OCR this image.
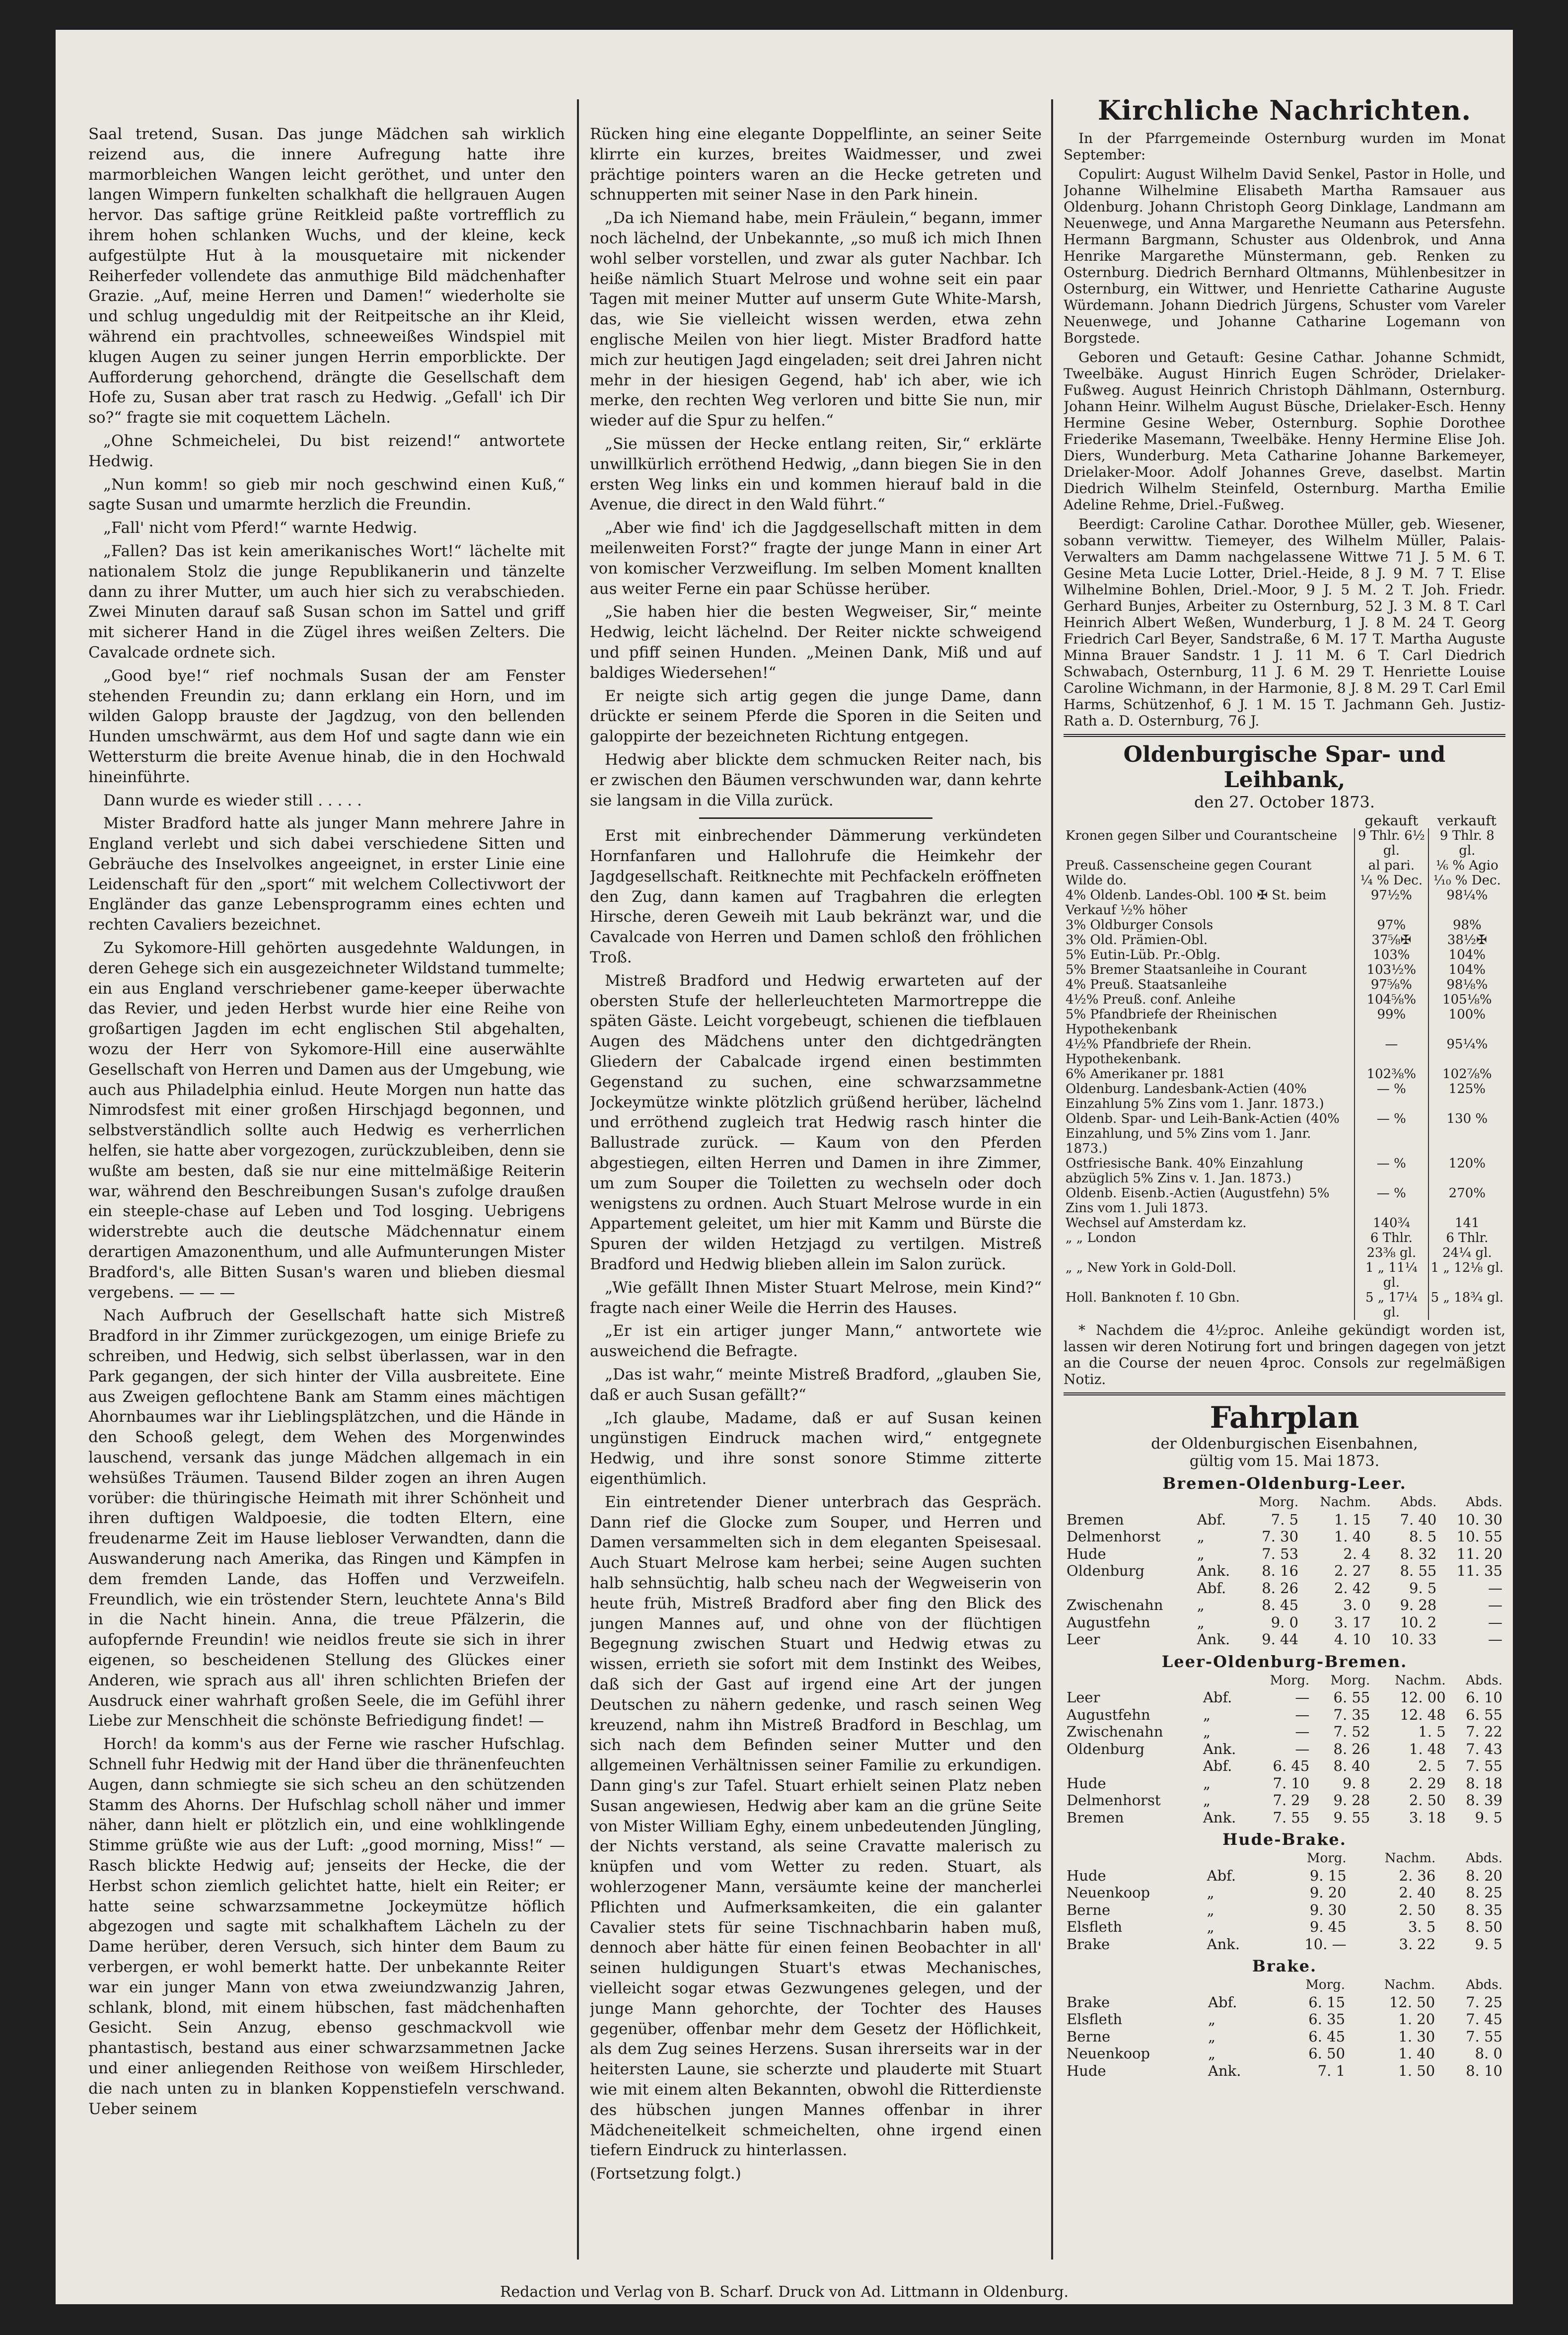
Saal tretend, Susan. Das junge Mädchen sah wirklich reizend aus, die innere Aufregung hatte ihre marmorbleichen Wangen leicht geröthet, und unter den langen Wimpern funkelten schalkhaft die hellgrauen Augen hervor. Das saftige grüne Reitkleid paßte vortrefflich zu ihrem hohen schlanken Wuchs, und der kleine, keck aufgestülpte Hut à la mousquetaire mit nickender Reiherfeder vollendete das anmuthige Bild mädchenhafter Grazie. „Auf, meine Herren und Damen!“ wiederholte sie und schlug ungeduldig mit der Reitpeitsche an ihr Kleid, während ein prachtvolles, schneeweißes Windspiel mit klugen Augen zu seiner jungen Herrin emporblickte. Der Aufforderung gehorchend, drängte die Gesellschaft dem Hofe zu, Susan aber trat rasch zu Hedwig. „Gefall' ich Dir so?“ fragte sie mit coquettem Lächeln.

„Ohne Schmeichelei, Du bist reizend!“ antwortete Hedwig.

„Nun komm! so gieb mir noch geschwind einen Kuß,“ sagte Susan und umarmte herzlich die Freundin.

„Fall' nicht vom Pferd!“ warnte Hedwig.

„Fallen? Das ist kein amerikanisches Wort!“ lächelte mit nationalem Stolz die junge Republikanerin und tänzelte dann zu ihrer Mutter, um auch hier sich zu verabschieden. Zwei Minuten darauf saß Susan schon im Sattel und griff mit sicherer Hand in die Zügel ihres weißen Zelters. Die Cavalcade ordnete sich.

„Good bye!“ rief nochmals Susan der am Fenster stehenden Freundin zu; dann erklang ein Horn, und im wilden Galopp brauste der Jagdzug, von den bellenden Hunden umschwärmt, aus dem Hof und sagte dann wie ein Wettersturm die breite Avenue hinab, die in den Hochwald hineinführte.

Dann wurde es wieder still . . . . .

Mister Bradford hatte als junger Mann mehrere Jahre in England verlebt und sich dabei verschiedene Sitten und Gebräuche des Inselvolkes angeeignet, in erster Linie eine Leidenschaft für den „sport“ mit welchem Collectivwort der Engländer das ganze Lebensprogramm eines echten und rechten Cavaliers bezeichnet.

Zu Sykomore-Hill gehörten ausgedehnte Waldungen, in deren Gehege sich ein ausgezeichneter Wildstand tummelte; ein aus England verschriebener game-keeper überwachte das Revier, und jeden Herbst wurde hier eine Reihe von großartigen Jagden im echt englischen Stil abgehalten, wozu der Herr von Sykomore-Hill eine auserwählte Gesellschaft von Herren und Damen aus der Umgebung, wie auch aus Philadelphia einlud. Heute Morgen nun hatte das Nimrodsfest mit einer großen Hirschjagd begonnen, und selbstverständlich sollte auch Hedwig es verherrlichen helfen, sie hatte aber vorgezogen, zurückzubleiben, denn sie wußte am besten, daß sie nur eine mittelmäßige Reiterin war, während den Beschreibungen Susan's zufolge draußen ein steeple-chase auf Leben und Tod losging. Uebrigens widerstrebte auch die deutsche Mädchennatur einem derartigen Amazonenthum, und alle Aufmunterungen Mister Bradford's, alle Bitten Susan's waren und blieben diesmal vergebens. — — —

Nach Aufbruch der Gesellschaft hatte sich Mistreß Bradford in ihr Zimmer zurückgezogen, um einige Briefe zu schreiben, und Hedwig, sich selbst überlassen, war in den Park gegangen, der sich hinter der Villa ausbreitete. Eine aus Zweigen geflochtene Bank am Stamm eines mächtigen Ahornbaumes war ihr Lieblingsplätzchen, und die Hände in den Schooß gelegt, dem Wehen des Morgenwindes lauschend, versank das junge Mädchen allgemach in ein wehsüßes Träumen. Tausend Bilder zogen an ihren Augen vorüber: die thüringische Heimath mit ihrer Schönheit und ihren duftigen Waldpoesie, die todten Eltern, eine freudenarme Zeit im Hause liebloser Verwandten, dann die Auswanderung nach Amerika, das Ringen und Kämpfen in dem fremden Lande, das Hoffen und Verzweifeln. Freundlich, wie ein tröstender Stern, leuchtete Anna's Bild in die Nacht hinein. Anna, die treue Pfälzerin, die aufopfernde Freundin! wie neidlos freute sie sich in ihrer eigenen, so bescheidenen Stellung des Glückes einer Anderen, wie sprach aus all' ihren schlichten Briefen der Ausdruck einer wahrhaft großen Seele, die im Gefühl ihrer Liebe zur Menschheit die schönste Befriedigung findet! —

Horch! da komm's aus der Ferne wie rascher Hufschlag. Schnell fuhr Hedwig mit der Hand über die thränenfeuchten Augen, dann schmiegte sie sich scheu an den schützenden Stamm des Ahorns. Der Hufschlag scholl näher und immer näher, dann hielt er plötzlich ein, und eine wohlklingende Stimme grüßte wie aus der Luft: „good morning, Miss!“ — Rasch blickte Hedwig auf; jenseits der Hecke, die der Herbst schon ziemlich gelichtet hatte, hielt ein Reiter; er hatte seine schwarzsammetne Jockeymütze höflich abgezogen und sagte mit schalkhaftem Lächeln zu der Dame herüber, deren Versuch, sich hinter dem Baum zu verbergen, er wohl bemerkt hatte. Der unbekannte Reiter war ein junger Mann von etwa zweiundzwanzig Jahren, schlank, blond, mit einem hübschen, fast mädchenhaften Gesicht. Sein Anzug, ebenso geschmackvoll wie phantastisch, bestand aus einer schwarzsammetnen Jacke und einer anliegenden Reithose von weißem Hirschleder, die nach unten zu in blanken Koppenstiefeln verschwand. Ueber seinem

Rücken hing eine elegante Doppelflinte, an seiner Seite klirrte ein kurzes, breites Waidmesser, und zwei prächtige pointers waren an die Hecke getreten und schnupperten mit seiner Nase in den Park hinein.

„Da ich Niemand habe, mein Fräulein,“ begann, immer noch lächelnd, der Unbekannte, „so muß ich mich Ihnen wohl selber vorstellen, und zwar als guter Nachbar. Ich heiße nämlich Stuart Melrose und wohne seit ein paar Tagen mit meiner Mutter auf unserm Gute White-Marsh, das, wie Sie vielleicht wissen werden, etwa zehn englische Meilen von hier liegt. Mister Bradford hatte mich zur heutigen Jagd eingeladen; seit drei Jahren nicht mehr in der hiesigen Gegend, hab' ich aber, wie ich merke, den rechten Weg verloren und bitte Sie nun, mir wieder auf die Spur zu helfen.“

„Sie müssen der Hecke entlang reiten, Sir,“ erklärte unwillkürlich erröthend Hedwig, „dann biegen Sie in den ersten Weg links ein und kommen hierauf bald in die Avenue, die direct in den Wald führt.“

„Aber wie find' ich die Jagdgesellschaft mitten in dem meilenweiten Forst?“ fragte der junge Mann in einer Art von komischer Verzweiflung. Im selben Moment knallten aus weiter Ferne ein paar Schüsse herüber.

„Sie haben hier die besten Wegweiser, Sir,“ meinte Hedwig, leicht lächelnd. Der Reiter nickte schweigend und pfiff seinen Hunden. „Meinen Dank, Miß und auf baldiges Wiedersehen!“

Er neigte sich artig gegen die junge Dame, dann drückte er seinem Pferde die Sporen in die Seiten und galoppirte der bezeichneten Richtung entgegen.

Hedwig aber blickte dem schmucken Reiter nach, bis er zwischen den Bäumen verschwunden war, dann kehrte sie langsam in die Villa zurück.

Erst mit einbrechender Dämmerung verkündeten Hornfanfaren und Hallohrufe die Heimkehr der Jagdgesellschaft. Reitknechte mit Pechfackeln eröffneten den Zug, dann kamen auf Tragbahren die erlegten Hirsche, deren Geweih mit Laub bekränzt war, und die Cavalcade von Herren und Damen schloß den fröhlichen Troß.

Mistreß Bradford und Hedwig erwarteten auf der obersten Stufe der hellerleuchteten Marmortreppe die späten Gäste. Leicht vorgebeugt, schienen die tiefblauen Augen des Mädchens unter den dichtgedrängten Gliedern der Cabalcade irgend einen bestimmten Gegenstand zu suchen, eine schwarzsammetne Jockeymütze winkte plötzlich grüßend herüber, lächelnd und erröthend zugleich trat Hedwig rasch hinter die Ballustrade zurück. — Kaum von den Pferden abgestiegen, eilten Herren und Damen in ihre Zimmer, um zum Souper die Toiletten zu wechseln oder doch wenigstens zu ordnen. Auch Stuart Melrose wurde in ein Appartement geleitet, um hier mit Kamm und Bürste die Spuren der wilden Hetzjagd zu vertilgen. Mistreß Bradford und Hedwig blieben allein im Salon zurück.

„Wie gefällt Ihnen Mister Stuart Melrose, mein Kind?“ fragte nach einer Weile die Herrin des Hauses.

„Er ist ein artiger junger Mann,“ antwortete wie ausweichend die Befragte.

„Das ist wahr,“ meinte Mistreß Bradford, „glauben Sie, daß er auch Susan gefällt?“

„Ich glaube, Madame, daß er auf Susan keinen ungünstigen Eindruck machen wird,“ entgegnete Hedwig, und ihre sonst sonore Stimme zitterte eigenthümlich.

Ein eintretender Diener unterbrach das Gespräch. Dann rief die Glocke zum Souper, und Herren und Damen versammelten sich in dem eleganten Speisesaal. Auch Stuart Melrose kam herbei; seine Augen suchten halb sehnsüchtig, halb scheu nach der Wegweiserin von heute früh, Mistreß Bradford aber fing den Blick des jungen Mannes auf, und ohne von der flüchtigen Begegnung zwischen Stuart und Hedwig etwas zu wissen, errieth sie sofort mit dem Instinkt des Weibes, daß sich der Gast auf irgend eine Art der jungen Deutschen zu nähern gedenke, und rasch seinen Weg kreuzend, nahm ihn Mistreß Bradford in Beschlag, um sich nach dem Befinden seiner Mutter und den allgemeinen Verhältnissen seiner Familie zu erkundigen. Dann ging's zur Tafel. Stuart erhielt seinen Platz neben Susan angewiesen, Hedwig aber kam an die grüne Seite von Mister William Eghy, einem unbedeutenden Jüngling, der Nichts verstand, als seine Cravatte malerisch zu knüpfen und vom Wetter zu reden. Stuart, als wohlerzogener Mann, versäumte keine der mancherlei Pflichten und Aufmerksamkeiten, die ein galanter Cavalier stets für seine Tischnachbarin haben muß, dennoch aber hätte für einen feinen Beobachter in all' seinen huldigungen Stuart's etwas Mechanisches, vielleicht sogar etwas Gezwungenes gelegen, und der junge Mann gehorchte, der Tochter des Hauses gegenüber, offenbar mehr dem Gesetz der Höflichkeit, als dem Zug seines Herzens. Susan ihrerseits war in der heitersten Laune, sie scherzte und plauderte mit Stuart wie mit einem alten Bekannten, obwohl die Ritterdienste des hübschen jungen Mannes offenbar in ihrer Mädcheneitelkeit schmeichelten, ohne irgend einen tiefern Eindruck zu hinterlassen.

(Fortsetzung folgt.)

Kirchliche Nachrichten.

In der Pfarrgemeinde Osternburg wurden im Monat September:

Copulirt: August Wilhelm David Senkel, Pastor in Holle, und Johanne Wilhelmine Elisabeth Martha Ramsauer aus Oldenburg. Johann Christoph Georg Dinklage, Landmann am Neuenwege, und Anna Margarethe Neumann aus Petersfehn. Hermann Bargmann, Schuster aus Oldenbrok, und Anna Henrike Margarethe Münstermann, geb. Renken zu Osternburg. Diedrich Bernhard Oltmanns, Mühlenbesitzer in Osternburg, ein Wittwer, und Henriette Catharine Auguste Würdemann. Johann Diedrich Jürgens, Schuster vom Vareler Neuenwege, und Johanne Catharine Logemann von Borgstede.

Geboren und Getauft: Gesine Cathar. Johanne Schmidt, Tweelbäke. August Hinrich Eugen Schröder, Drielaker-Fußweg. August Heinrich Christoph Dählmann, Osternburg. Johann Heinr. Wilhelm August Büsche, Drielaker-Esch. Henny Hermine Gesine Weber, Osternburg. Sophie Dorothee Friederike Masemann, Tweelbäke. Henny Hermine Elise Joh. Diers, Wunderburg. Meta Catharine Johanne Barkemeyer, Drielaker-Moor. Adolf Johannes Greve, daselbst. Martin Diedrich Wilhelm Steinfeld, Osternburg. Martha Emilie Adeline Rehme, Driel.-Fußweg.

Beerdigt: Caroline Cathar. Dorothee Müller, geb. Wiesener, sobann verwittw. Tiemeyer, des Wilhelm Müller, Palais-Verwalters am Damm nachgelassene Wittwe 71 J. 5 M. 6 T. Gesine Meta Lucie Lotter, Driel.-Heide, 8 J. 9 M. 7 T. Elise Wilhelmine Bohlen, Driel.-Moor, 9 J. 5 M. 2 T. Joh. Friedr. Gerhard Bunjes, Arbeiter zu Osternburg, 52 J. 3 M. 8 T. Carl Heinrich Albert Weßen, Wunderburg, 1 J. 8 M. 24 T. Georg Friedrich Carl Beyer, Sandstraße, 6 M. 17 T. Martha Auguste Minna Brauer Sandstr. 1 J. 11 M. 6 T. Carl Diedrich Schwabach, Osternburg, 11 J. 6 M. 29 T. Henriette Louise Caroline Wichmann, in der Harmonie, 8 J. 8 M. 29 T. Carl Emil Harms, Schützenhof, 6 J. 1 M. 15 T. Jachmann Geh. Justiz-Rath a. D. Osternburg, 76 J.

Oldenburgische Spar- und Leihbank,
den 27. October 1873.
	gekauft	verkauft
Kronen gegen Silber und Courantscheine	9 Thlr. 6½ gl.	9 Thlr. 8 gl.
Preuß. Cassenscheine gegen Courant	al pari.	⅙ % Agio
Wilde do.	¼ % Dec.	⅒ % Dec.
4% Oldenb. Landes-Obl. 100 ✠ St. beim Verkauf ½% höher	97½%	98¼%
3% Oldburger Consols	97%	98%
3% Old. Prämien-Obl.	37⅝✠	38½✠
5% Eutin-Lüb. Pr.-Oblg.	103%	104%
5% Bremer Staatsanleihe in Courant	103½%	104%
4% Preuß. Staatsanleihe	97⅝%	98⅛%
4½% Preuß. conf. Anleihe	104⅝%	105⅛%
5% Pfandbriefe der Rheinischen Hypothekenbank	99%	100%
4½% Pfandbriefe der Rhein. Hypothekenbank.	—	95¼%
6% Amerikaner pr. 1881	102⅜%	102⅞%
Oldenburg. Landesbank-Actien (40% Einzahlung 5% Zins vom 1. Janr. 1873.)	— %	125%
Oldenb. Spar- und Leih-Bank-Actien (40% Einzahlung, und 5% Zins vom 1. Janr. 1873.)	— %	130 %
Ostfriesische Bank. 40% Einzahlung abzüglich 5% Zins v. 1. Jan. 1873.)	— %	120%
Oldenb. Eisenb.-Actien (Augustfehn) 5% Zins vom 1. Juli 1873.	— %	270%
Wechsel auf Amsterdam kz.	140¾	141
„ „ London	6 Thlr. 23⅜ gl.	6 Thlr. 24¼ gl.
„ „ New York in Gold-Doll.	1 „ 11¼ gl.	1 „ 12⅛ gl.
Holl. Banknoten f. 10 Gbn.	5 „ 17¼ gl.	5 „ 18¾ gl.

* Nachdem die 4½proc. Anleihe gekündigt worden ist, lassen wir deren Notirung fort und bringen dagegen von jetzt an die Course der neuen 4proc. Consols zur regelmäßigen Notiz.

Fahrplan
der Oldenburgischen Eisenbahnen,
gültig vom 15. Mai 1873.
Bremen-Oldenburg-Leer.
		Morg.	Nachm.	Abds.	Abds.
Bremen	Abf.	7. 5	1. 15	7. 40	10. 30
Delmenhorst	„	7. 30	1. 40	8. 5	10. 55
Hude	„	7. 53	2. 4	8. 32	11. 20
Oldenburg	Ank.	8. 16	2. 27	8. 55	11. 35
	Abf.	8. 26	2. 42	9. 5	—
Zwischenahn	„	8. 45	3. 0	9. 28	—
Augustfehn	„	9. 0	3. 17	10. 2	—
Leer	Ank.	9. 44	4. 10	10. 33	—
Leer-Oldenburg-Bremen.
		Morg.	Morg.	Nachm.	Abds.
Leer	Abf.	—	6. 55	12. 00	6. 10
Augustfehn	„	—	7. 35	12. 48	6. 55
Zwischenahn	„	—	7. 52	1. 5	7. 22
Oldenburg	Ank.	—	8. 26	1. 48	7. 43
	Abf.	6. 45	8. 40	2. 5	7. 55
Hude	„	7. 10	9. 8	2. 29	8. 18
Delmenhorst	„	7. 29	9. 28	2. 50	8. 39
Bremen	Ank.	7. 55	9. 55	3. 18	9. 5
Hude-Brake.
			Morg.	Nachm.	Abds.
Hude	Abf.		9. 15	2. 36	8. 20
Neuenkoop	„		9. 20	2. 40	8. 25
Berne	„		9. 30	2. 50	8. 35
Elsfleth	„		9. 45	3. 5	8. 50
Brake	Ank.		10. —	3. 22	9. 5
Brake.
			Morg.	Nachm.	Abds.
Brake	Abf.		6. 15	12. 50	7. 25
Elsfleth	„		6. 35	1. 20	7. 45
Berne	„		6. 45	1. 30	7. 55
Neuenkoop	„		6. 50	1. 40	8. 0
Hude	Ank.		7. 1	1. 50	8. 10
Redaction und Verlag von B. Scharf. Druck von Ad. Littmann in Oldenburg.
